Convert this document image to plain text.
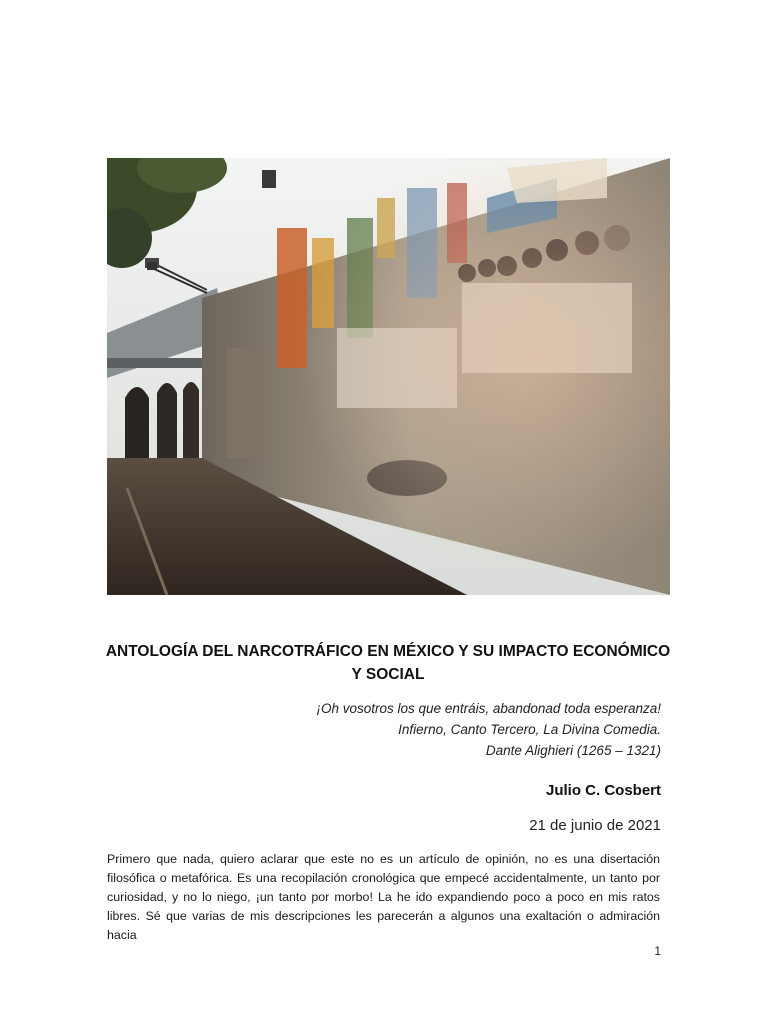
ANTOLOGÍA DEL NARCOTRÁFICO EN MÉXICO Y SU IMPACTO ECONÓMICO Y SOCIAL
¡Oh vosotros los que entráis, abandonad toda esperanza!
Infierno, Canto Tercero, La Divina Comedia.
Dante Alighieri (1265 – 1321)
Julio C. Cosbert
21 de junio de 2021
Primero que nada, quiero aclarar que este no es un artículo de opinión, no es una disertación filosófica o metafórica. Es una recopilación cronológica que empecé accidentalmente, un tanto por curiosidad, y no lo niego, ¡un tanto por morbo! La he ido expandiendo poco a poco en mis ratos libres. Sé que varias de mis descripciones les parecerán a algunos una exaltación o admiración hacia
1
